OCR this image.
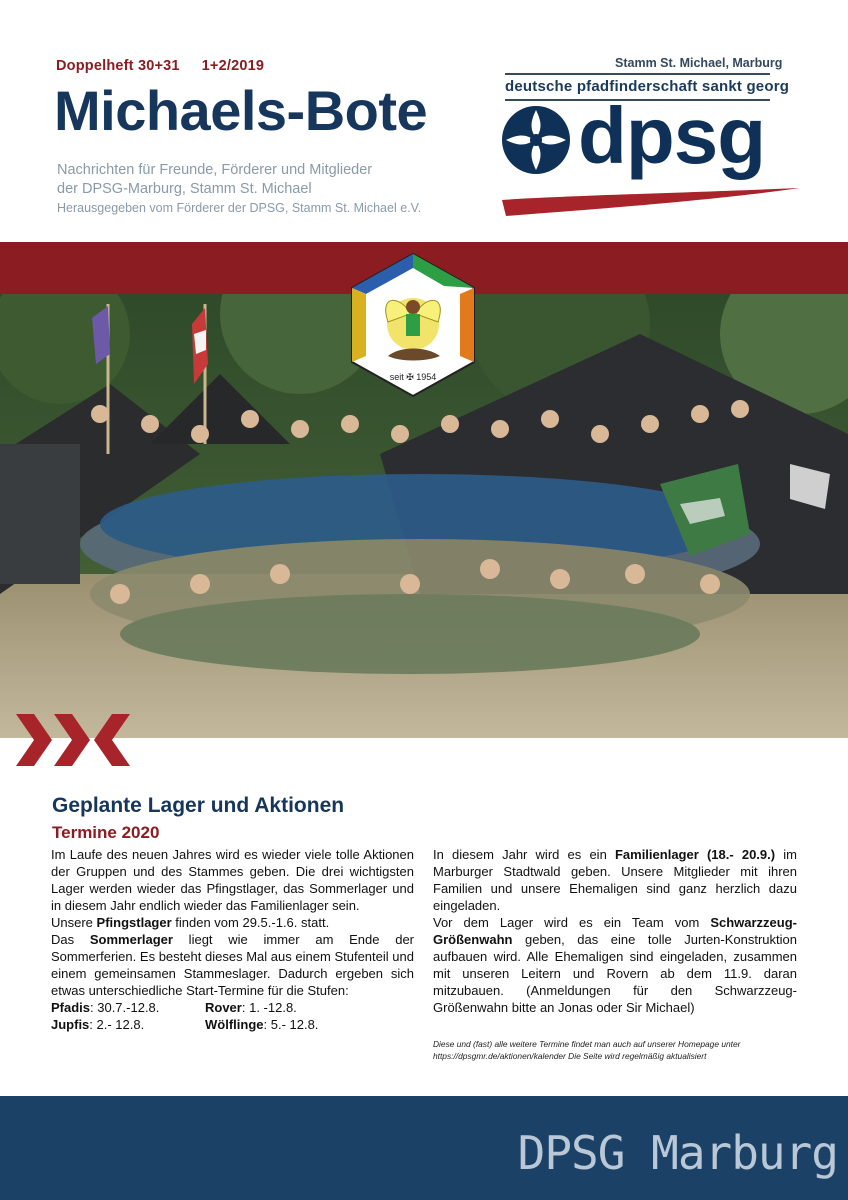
Doppelheft 30+31 1+2/2019
Michaels-Bote
Nachrichten für Freunde, Förderer und Mitglieder
der DPSG-Marburg, Stamm St. Michael
Herausgegeben vom Förderer der DPSG, Stamm St. Michael e.V.
Stamm St. Michael, Marburg
deutsche pfadfinderschaft sankt georg
dpsg
seit ✠ 1954
Geplante Lager und Aktionen
Termine 2020

Im Laufe des neuen Jahres wird es wieder viele tolle Aktionen der Gruppen und des Stammes geben. Die drei wichtigsten Lager werden wieder das Pfingstlager, das Sommerlager und in diesem Jahr endlich wieder das Familienlager sein.

Unsere Pfingstlager finden vom 29.5.-1.6. statt.

Das Sommerlager liegt wie immer am Ende der Sommerferien. Es besteht dieses Mal aus einem Stufenteil und einem gemeinsamen Stammeslager. Dadurch ergeben sich etwas unterschiedliche Start-Termine für die Stufen:

Pfadis: 30.7.-12.8.	Rover: 1. -12.8.
Jupfis: 2.- 12.8.	Wölflinge: 5.- 12.8.

In diesem Jahr wird es ein Familienlager (18.- 20.9.) im Marburger Stadtwald geben. Unsere Mitglieder mit ihren Familien und unsere Ehemaligen sind ganz herzlich dazu eingeladen.

Vor dem Lager wird es ein Team vom Schwarzzeug-Größenwahn geben, das eine tolle Jurten-Konstruktion aufbauen wird. Alle Ehemaligen sind eingeladen, zusammen mit unseren Leitern und Rovern ab dem 11.9. daran mitzubauen. (Anmeldungen für den Schwarzzeug-Größenwahn bitte an Jonas oder Sir Michael)

Diese und (fast) alle weitere Termine findet man auch auf unserer Homepage unter https://dpsgmr.de/aktionen/kalender Die Seite wird regelmäßig aktualisiert
DPSG Marburg
